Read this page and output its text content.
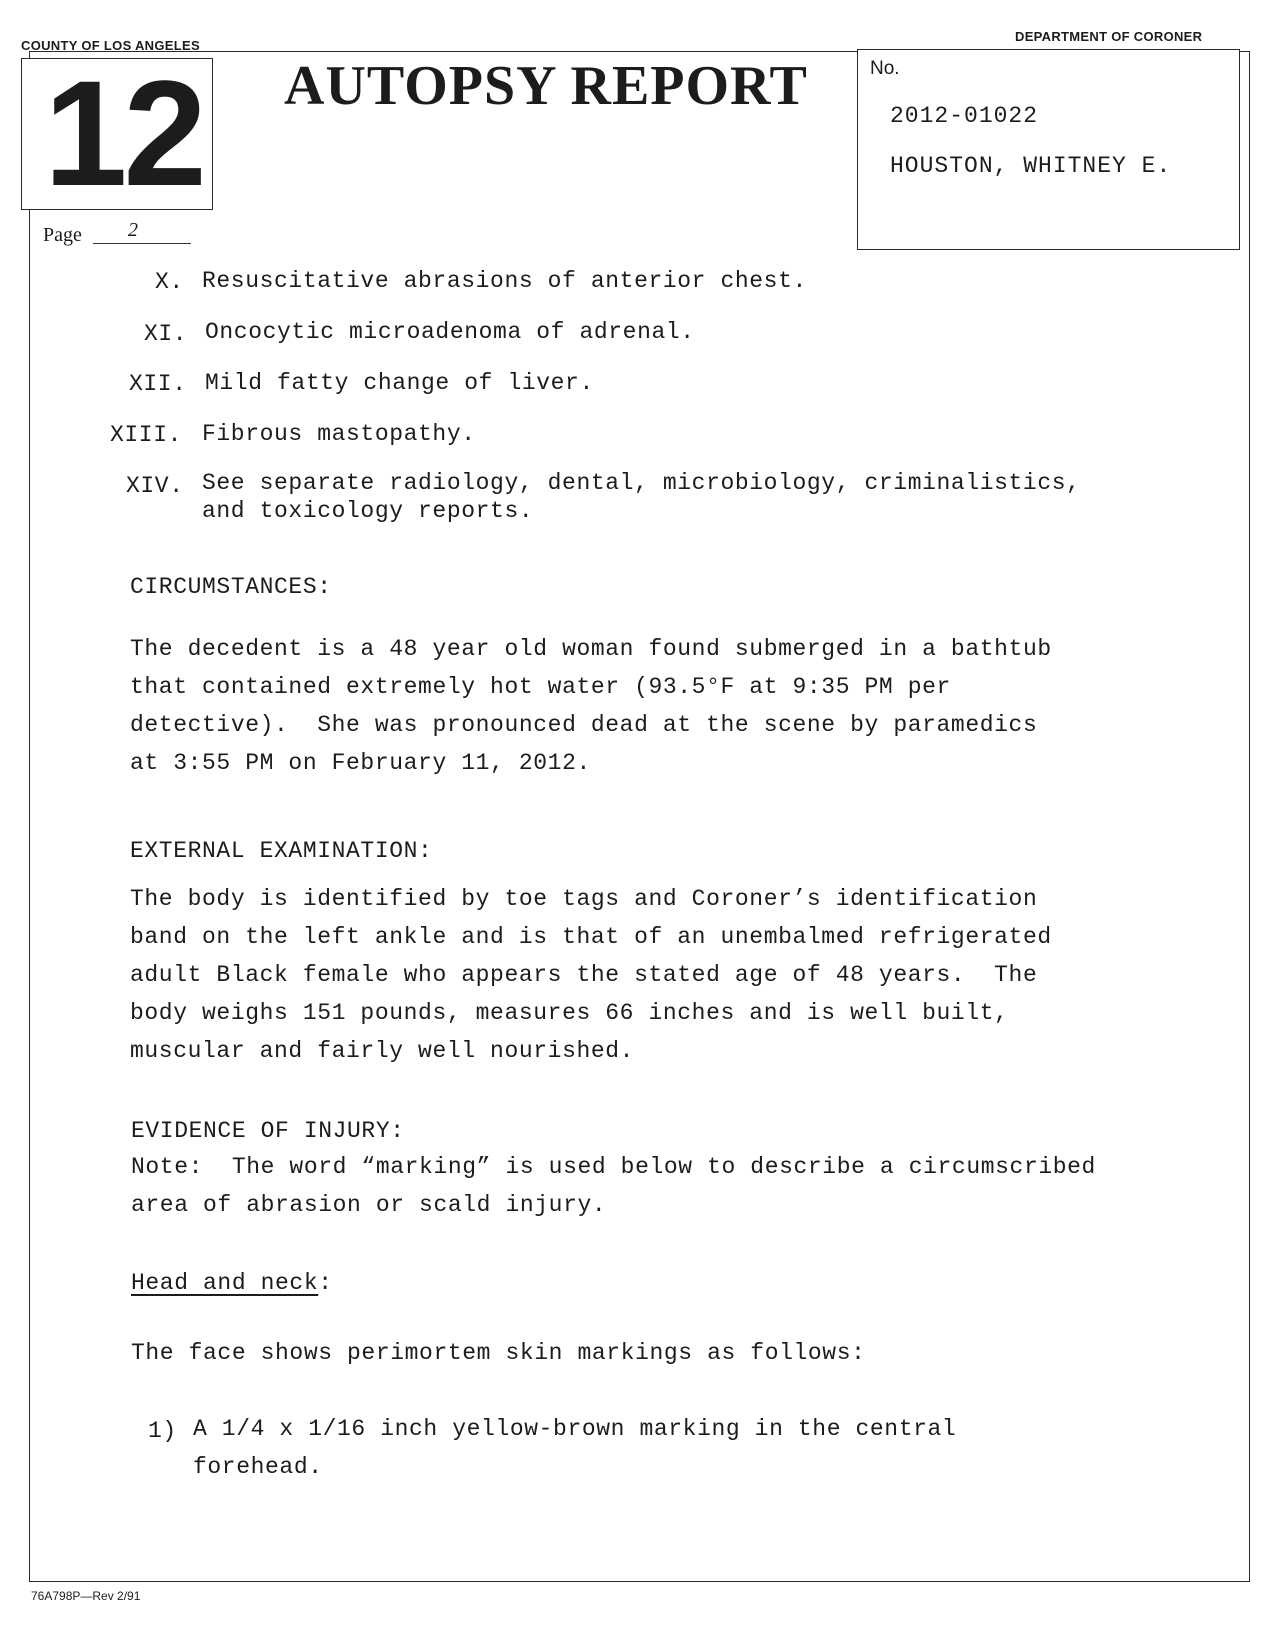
COUNTY OF LOS ANGELES
DEPARTMENT OF CORONER
12 AUTOPSY REPORT	No.
2012-01022
HOUSTON, WHITNEY E.
Page 2
X. Resuscitative abrasions of anterior chest.
XI. Oncocytic microadenoma of adrenal.
XII. Mild fatty change of liver.
XIII. Fibrous mastopathy.
XIV. See separate radiology, dental, microbiology, criminalistics,
and toxicology reports.
CIRCUMSTANCES:
The decedent is a 48 year old woman found submerged in a bathtub
that contained extremely hot water (93.5°F at 9:35 PM per
detective).  She was pronounced dead at the scene by paramedics
at 3:55 PM on February 11, 2012.
EXTERNAL EXAMINATION:
The body is identified by toe tags and Coroner’s identification
band on the left ankle and is that of an unembalmed refrigerated
adult Black female who appears the stated age of 48 years.  The
body weighs 151 pounds, measures 66 inches and is well built,
muscular and fairly well nourished.
EVIDENCE OF INJURY:
Note:  The word “marking” is used below to describe a circumscribed
area of abrasion or scald injury.
Head and neck:
The face shows perimortem skin markings as follows:
1) A 1/4 x 1/16 inch yellow-brown marking in the central
forehead.
76A798P—Rev 2/91
